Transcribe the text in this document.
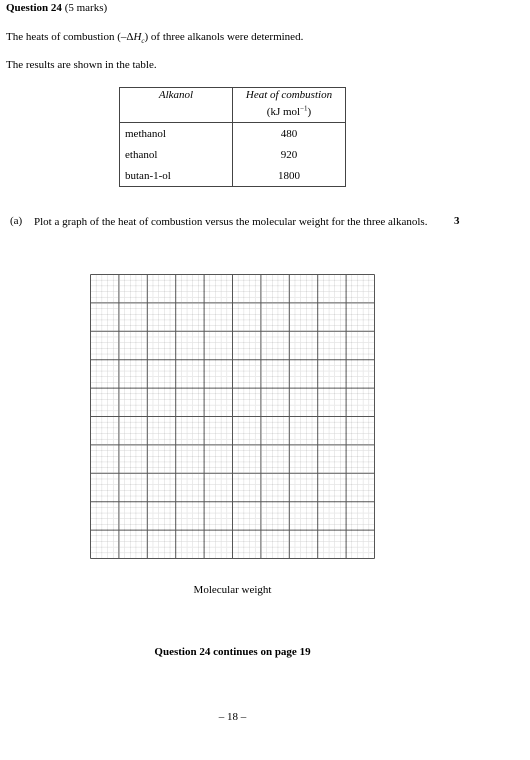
Question 24 (5 marks)
The heats of combustion $(-\Delta H_c)$ of three alkanols were determined.
The results are shown in the table.
Alkanol	Heat of combustion
(kJ mol$^{-1}$)
methanol	480
ethanol	920
butan-1-ol	1800
(a) Plot a graph of the heat of combustion versus the molecular weight for the three alkanols.	3
Molecular weight
Question 24 continues on page 19
– 18 –
